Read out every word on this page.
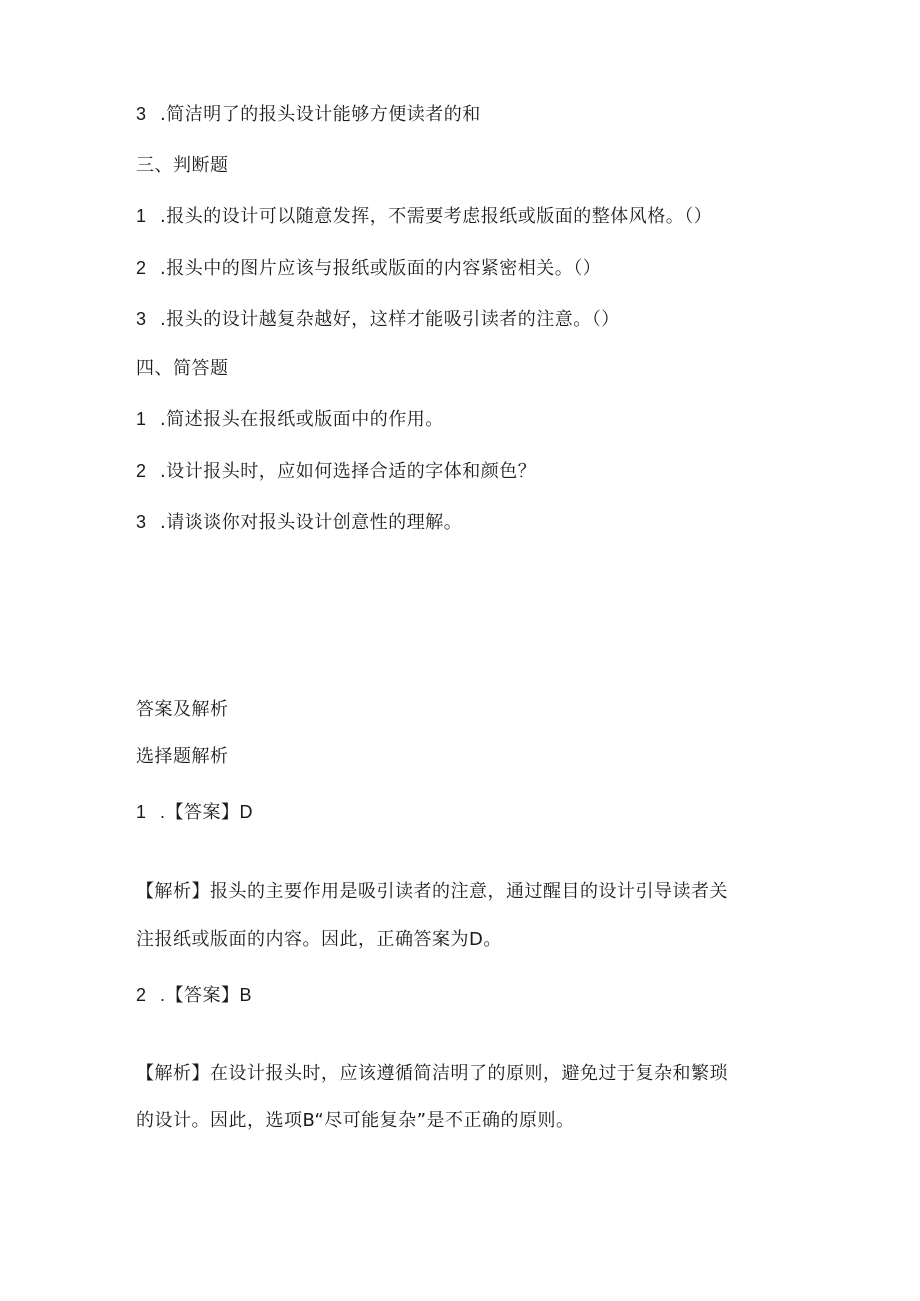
3 .简洁明了的报头设计能够方便读者的和
三、判断题
1 .报头的设计可以随意发挥，不需要考虑报纸或版面的整体风格。（）
2 .报头中的图片应该与报纸或版面的内容紧密相关。（）
3 .报头的设计越复杂越好，这样才能吸引读者的注意。（）
四、简答题
1 .简述报头在报纸或版面中的作用。
2 .设计报头时，应如何选择合适的字体和颜色？
3 .请谈谈你对报头设计创意性的理解。
答案及解析
选择题解析
1 .【答案】D
【解析】报头的主要作用是吸引读者的注意，通过醒目的设计引导读者关
注报纸或版面的内容。因此，正确答案为D。
2 .【答案】B
【解析】在设计报头时，应该遵循简洁明了的原则，避免过于复杂和繁琐
的设计。因此，选项B“尽可能复杂”是不正确的原则。
